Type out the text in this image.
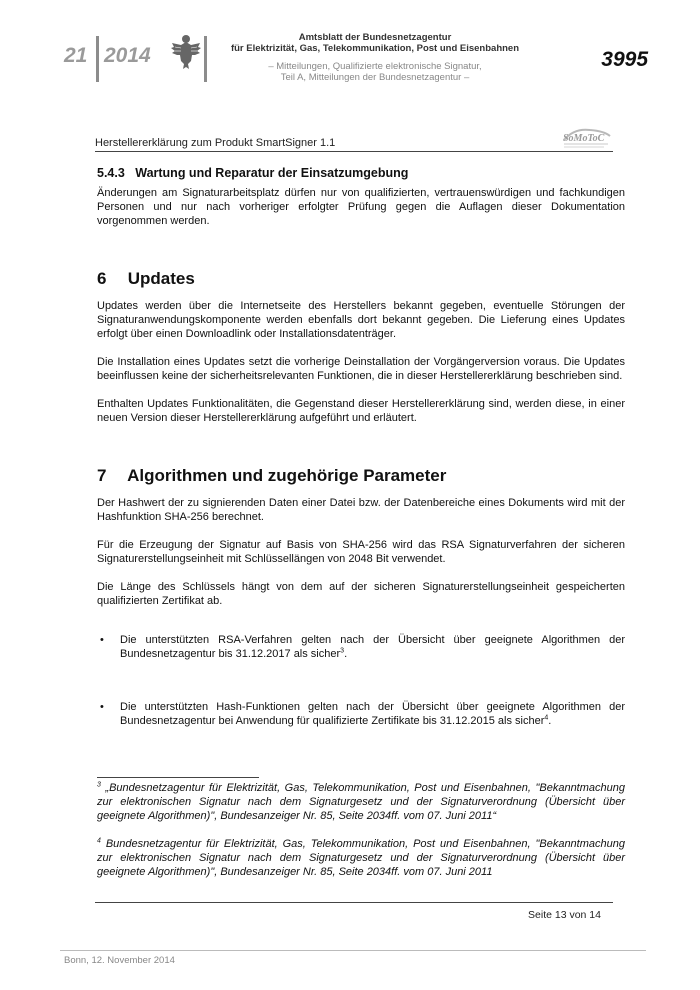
21 2014
Amtsblatt der Bundesnetzagentur
für Elektrizität, Gas, Telekommunikation, Post und Eisenbahnen
– Mitteilungen, Qualifizierte elektronische Signatur,
Teil A, Mitteilungen der Bundesnetzagentur –
3995
Herstellererklärung zum Produkt SmartSigner 1.1	SoMoToC
5.4.3 Wartung und Reparatur der Einsatzumgebung

Änderungen am Signaturarbeitsplatz dürfen nur von qualifizierten, vertrauenswürdigen und fachkundigen Personen und nur nach vorheriger erfolgter Prüfung gegen die Auflagen dieser Dokumentation vorgenommen werden.

6 Updates

Updates werden über die Internetseite des Herstellers bekannt gegeben, eventuelle Störungen der Signaturanwendungskomponente werden ebenfalls dort bekannt gegeben. Die Lieferung eines Updates erfolgt über einen Downloadlink oder Installationsdatenträger.

Die Installation eines Updates setzt die vorherige Deinstallation der Vorgängerversion voraus. Die Updates beeinflussen keine der sicherheitsrelevanten Funktionen, die in dieser Herstellererklärung beschrieben sind.

Enthalten Updates Funktionalitäten, die Gegenstand dieser Herstellererklärung sind, werden diese, in einer neuen Version dieser Herstellererklärung aufgeführt und erläutert.

7 Algorithmen und zugehörige Parameter

Der Hashwert der zu signierenden Daten einer Datei bzw. der Datenbereiche eines Dokuments wird mit der Hashfunktion SHA-256 berechnet.

Für die Erzeugung der Signatur auf Basis von SHA-256 wird das RSA Signaturverfahren der sicheren Signaturerstellungseinheit mit Schlüssellängen von 2048 Bit verwendet.

Die Länge des Schlüssels hängt von dem auf der sicheren Signaturerstellungseinheit gespeicherten qualifizierten Zertifikat ab.

• Die unterstützten RSA-Verfahren gelten nach der Übersicht über geeignete Algorithmen der Bundesnetzagentur bis 31.12.2017 als sicher$^3$.
• Die unterstützten Hash-Funktionen gelten nach der Übersicht über geeignete Algorithmen der Bundesnetzagentur bei Anwendung für qualifizierte Zertifikate bis 31.12.2015 als sicher$^4$.

$^3$ „Bundesnetzagentur für Elektrizität, Gas, Telekommunikation, Post und Eisenbahnen, "Bekanntmachung zur elektronischen Signatur nach dem Signaturgesetz und der Signaturverordnung (Übersicht über geeignete Algorithmen)", Bundesanzeiger Nr. 85, Seite 2034ff. vom 07. Juni 2011“

$^4$ Bundesnetzagentur für Elektrizität, Gas, Telekommunikation, Post und Eisenbahnen, "Bekanntmachung zur elektronischen Signatur nach dem Signaturgesetz und der Signaturverordnung (Übersicht über geeignete Algorithmen)", Bundesanzeiger Nr. 85, Seite 2034ff. vom 07. Juni 2011

Seite 13 von 14
Bonn, 12. November 2014
